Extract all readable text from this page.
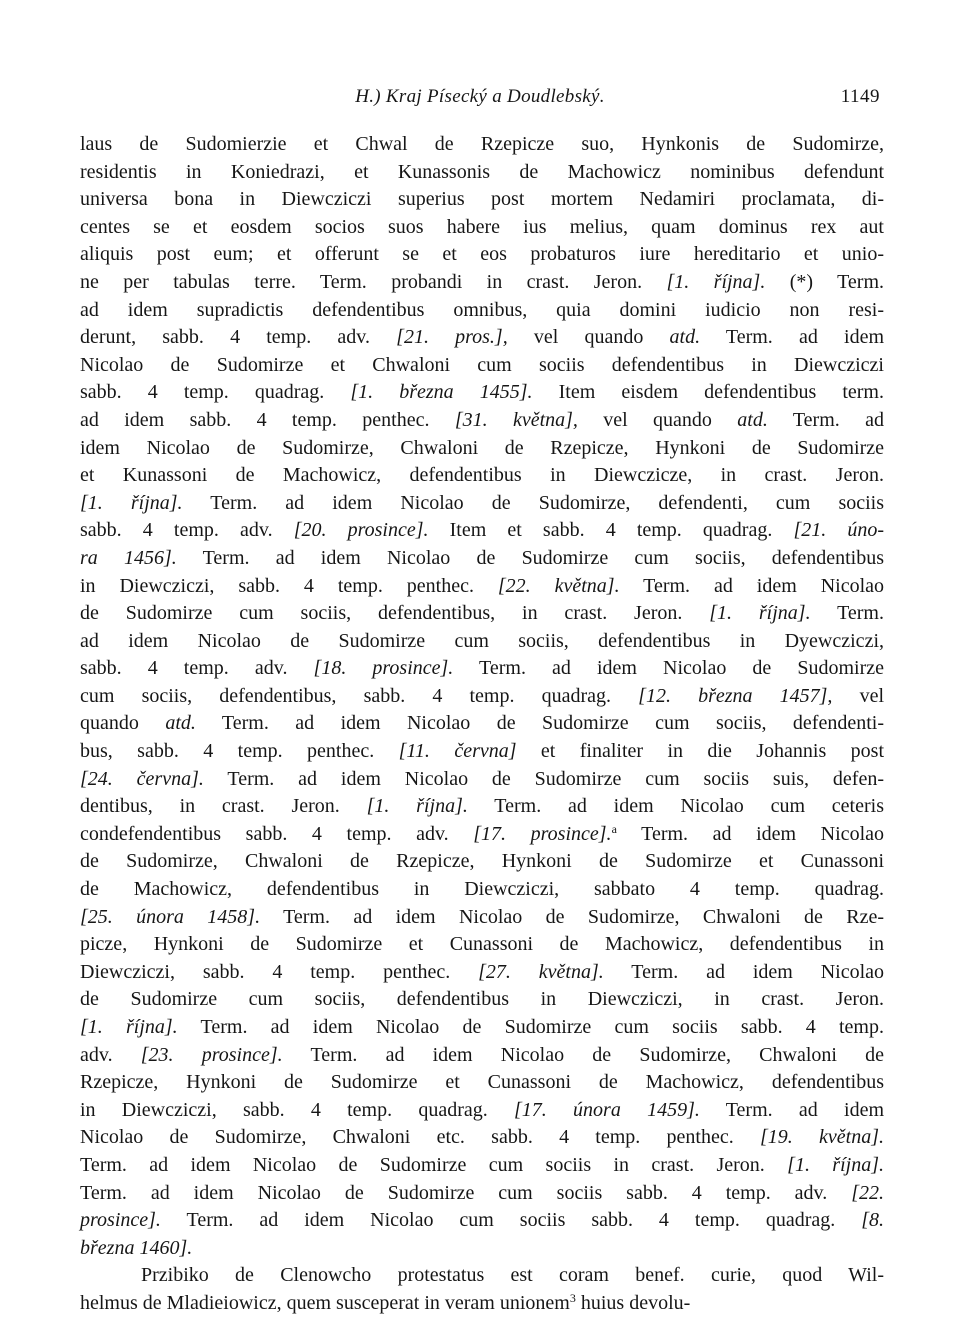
H.) Kraj Písecký a Doudlebský.	1149
laus de Sudomierzie et Chwal de Rzepicze suo, Hynkonis de Sudomirze,
residentis in Koniedrazi, et Kunassonis de Machowicz nominibus defendunt
universa bona in Diewcziczi superius post mortem Nedamiri proclamata, di-
centes se et eosdem socios suos habere ius melius, quam dominus rex aut
aliquis post eum; et offerunt se et eos probaturos iure hereditario et unio-
ne per tabulas terre. Term. probandi in crast. Jeron. [1. října]. (*) Term.
ad idem supradictis defendentibus omnibus, quia domini iudicio non resi-
derunt, sabb. 4 temp. adv. [21. pros.], vel quando atd. Term. ad idem
Nicolao de Sudomirze et Chwaloni cum sociis defendentibus in Diewcziczi
sabb. 4 temp. quadrag. [1. března 1455]. Item eisdem defendentibus term.
ad idem sabb. 4 temp. penthec. [31. května], vel quando atd. Term. ad
idem Nicolao de Sudomirze, Chwaloni de Rzepicze, Hynkoni de Sudomirze
et Kunassoni de Machowicz, defendentibus in Diewczicze, in crast. Jeron.
[1. října]. Term. ad idem Nicolao de Sudomirze, defendenti, cum sociis
sabb. 4 temp. adv. [20. prosince]. Item et sabb. 4 temp. quadrag. [21. úno-
ra 1456]. Term. ad idem Nicolao de Sudomirze cum sociis, defendentibus
in Diewcziczi, sabb. 4 temp. penthec. [22. května]. Term. ad idem Nicolao
de Sudomirze cum sociis, defendentibus, in crast. Jeron. [1. října]. Term.
ad idem Nicolao de Sudomirze cum sociis, defendentibus in Dyewcziczi,
sabb. 4 temp. adv. [18. prosince]. Term. ad idem Nicolao de Sudomirze
cum sociis, defendentibus, sabb. 4 temp. quadrag. [12. března 1457], vel
quando atd. Term. ad idem Nicolao de Sudomirze cum sociis, defendenti-
bus, sabb. 4 temp. penthec. [11. června] et finaliter in die Johannis post
[24. června]. Term. ad idem Nicolao de Sudomirze cum sociis suis, defen-
dentibus, in crast. Jeron. [1. října]. Term. ad idem Nicolao cum ceteris
condefendentibus sabb. 4 temp. adv. [17. prosince].$^a$ Term. ad idem Nicolao
de Sudomirze, Chwaloni de Rzepicze, Hynkoni de Sudomirze et Cunassoni
de Machowicz, defendentibus in Diewcziczi, sabbato 4 temp. quadrag.
[25. února 1458]. Term. ad idem Nicolao de Sudomirze, Chwaloni de Rze-
picze, Hynkoni de Sudomirze et Cunassoni de Machowicz, defendentibus in
Diewcziczi, sabb. 4 temp. penthec. [27. května]. Term. ad idem Nicolao
de Sudomirze cum sociis, defendentibus in Diewcziczi, in crast. Jeron.
[1. října]. Term. ad idem Nicolao de Sudomirze cum sociis sabb. 4 temp.
adv. [23. prosince]. Term. ad idem Nicolao de Sudomirze, Chwaloni de
Rzepicze, Hynkoni de Sudomirze et Cunassoni de Machowicz, defendentibus
in Diewcziczi, sabb. 4 temp. quadrag. [17. února 1459]. Term. ad idem
Nicolao de Sudomirze, Chwaloni etc. sabb. 4 temp. penthec. [19. května].
Term. ad idem Nicolao de Sudomirze cum sociis in crast. Jeron. [1. října].
Term. ad idem Nicolao de Sudomirze cum sociis sabb. 4 temp. adv. [22.
prosince]. Term. ad idem Nicolao cum sociis sabb. 4 temp. quadrag. [8.
března 1460].
Przibiko de Clenowcho protestatus est coram benef. curie, quod Wil-
helmus de Mladieiowicz, quem susceperat in veram unionem$^3$ huius devolu-
